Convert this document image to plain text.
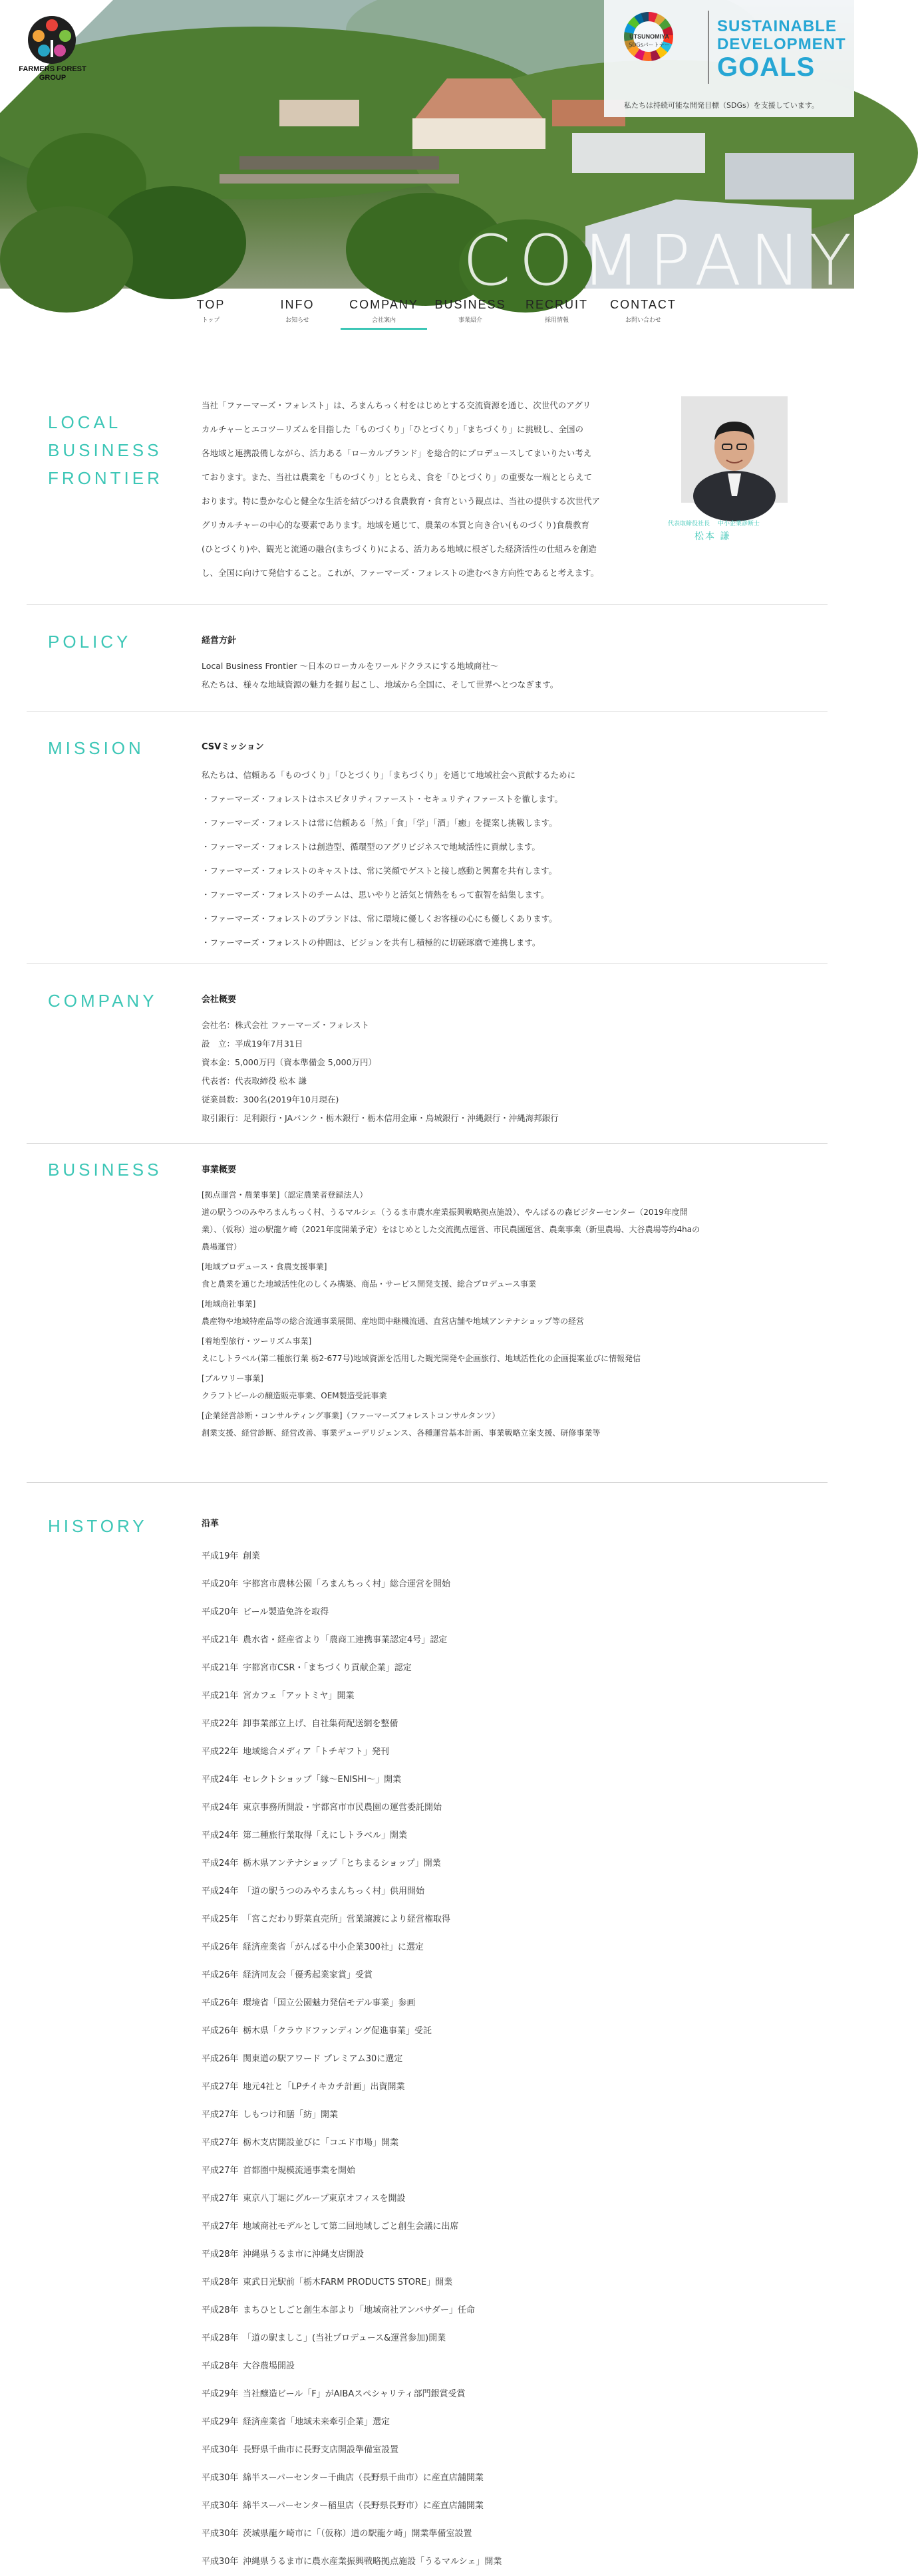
FARMERS FOREST
GROUP
UTSUNOMIYA
SDGsパートナー
SUSTAINABLE
DEVELOPMENT
GOALS
私たちは持続可能な開発目標（SDGs）を支援しています。
COMPANY
TOP
トップ
INFO
お知らせ
COMPANY
会社案内
BUSINESS
事業紹介
RECRUIT
採用情報
CONTACT
お問い合わせ
LOCAL
BUSINESS
FRONTIER
当社「ファーマーズ・フォレスト」は、ろまんちっく村をはじめとする交流資源を通じ、次世代のアグリ
カルチャーとエコツーリズムを目指した「ものづくり」「ひとづくり」「まちづくり」に挑戦し、全国の
各地域と連携設備しながら、活力ある「ローカルブランド」を総合的にプロデュースしてまいりたい考え
ております。また、当社は農業を「ものづくり」ととらえ、食を「ひとづくり」の重要な一端ととらえて
おります。特に豊かな心と健全な生活を結びつける食農教育・食育という観点は、当社の提供する次世代ア
グリカルチャーの中心的な要素であります。地域を通じて、農業の本質と向き合い(ものづくり)食農教育
(ひとづくり)や、観光と流通の融合(まちづくり)による、活力ある地域に根ざした経済活性の仕組みを創造
し、全国に向けて発信すること。これが、ファーマーズ・フォレストの進むべき方向性であると考えます。
代表取締役社長 　中小企業診断士
松本 謙
POLICY	経営方針
Local Business Frontier 〜日本のローカルをワールドクラスにする地域商社〜
私たちは、様々な地域資源の魅力を掘り起こし、地域から全国に、そして世界へとつなぎます。
MISSION	CSVミッション
私たちは、信頼ある「ものづくり」「ひとづくり」「まちづくり」を通じて地域社会へ貢献するために
・ファーマーズ・フォレストはホスピタリティファースト・セキュリティファーストを徹します。
・ファーマーズ・フォレストは常に信頼ある「然」「食」「学」「酒」「癒」を提案し挑戦します。
・ファーマーズ・フォレストは創造型、循環型のアグリビジネスで地域活性に貢献します。
・ファーマーズ・フォレストのキャストは、常に笑顔でゲストと接し感動と興奮を共有します。
・ファーマーズ・フォレストのチームは、思いやりと活気と情熱をもって叡智を結集します。
・ファーマーズ・フォレストのブランドは、常に環境に優しくお客様の心にも優しくあります。
・ファーマーズ・フォレストの仲間は、ビジョンを共有し積極的に切磋琢磨で連携します。
COMPANY	会社概要
会社名：株式会社 ファーマーズ・フォレスト
設　立：平成19年7月31日
資本金：5,000万円（資本準備金 5,000万円）
代表者：代表取締役 松本 謙
従業員数：300名(2019年10月現在)
取引銀行：足利銀行・JAバンク・栃木銀行・栃木信用金庫・烏城銀行・沖縄銀行・沖縄海邦銀行
BUSINESS	事業概要
[拠点運営・農業事業]（認定農業者登録法人）
道の駅うつのみやろまんちっく村、うるマルシェ（うるま市農水産業振興戦略拠点施設）、やんばるの森ビジターセンター（2019年度開
業）、（仮称）道の駅龍ケ崎（2021年度開業予定）をはじめとした交流拠点運営、市民農園運営、農業事業（新里農場、大谷農場等約4haの
農場運営）
[地域プロデュース・食農支援事業]
食と農業を通じた地域活性化のしくみ構築、商品・サービス開発支援、総合プロデュース事業
[地域商社事業]
農産物や地域特産品等の総合流通事業展開、産地間中継機流通、直営店舗や地域アンテナショップ等の経営
[着地型旅行・ツーリズム事業]
えにしトラベル(第二種旅行業 栃2-677号)地域資源を活用した観光開発や企画旅行、地域活性化の企画提案並びに情報発信
[ブルワリー事業]
クラフトビールの醸造販売事業、OEM製造受託事業
[企業経営診断・コンサルティング事業]（ファーマーズフォレストコンサルタンツ）
創業支援、経営診断、経営改善、事業デューデリジェンス、各種運営基本計画、事業戦略立案支援、研修事業等
HISTORY	沿革
平成19年 創業
平成20年 宇都宮市農林公園「ろまんちっく村」総合運営を開始
平成20年 ビール製造免許を取得
平成21年 農水省・経産省より「農商工連携事業認定4号」認定
平成21年 宇都宮市CSR・「まちづくり貢献企業」認定
平成21年 宮カフェ「アットミヤ」開業
平成22年 卸事業部立上げ、自社集荷配送網を整備
平成22年 地域総合メディア「トチギフト」発刊
平成24年 セレクトショップ「縁〜ENISHI〜」開業
平成24年 東京事務所開設・宇都宮市市民農園の運営委託開始
平成24年 第二種旅行業取得「えにしトラベル」開業
平成24年 栃木県アンテナショップ「とちまるショップ」開業
平成24年 「道の駅うつのみやろまんちっく村」供用開始
平成25年 「宮こだわり野菜直売所」営業譲渡により経営権取得
平成26年 経済産業省「がんばる中小企業300社」に選定
平成26年 経済同友会「優秀起業家賞」受賞
平成26年 環境省「国立公園魅力発信モデル事業」参画
平成26年 栃木県「クラウドファンディング促進事業」受託
平成26年 関東道の駅アワード プレミアム30に選定
平成27年 地元4社と「LPチイキカチ計画」出資開業
平成27年 しもつけ和膳「紡」開業
平成27年 栃木支店開設並びに「コエド市場」開業
平成27年 首都圏中規模流通事業を開始
平成27年 東京八丁堀にグループ東京オフィスを開設
平成27年 地域商社モデルとして第二回地域しごと創生会議に出席
平成28年 沖縄県うるま市に沖縄支店開設
平成28年 東武日光駅前「栃木FARM PRODUCTS STORE」開業
平成28年 まちひとしごと創生本部より「地域商社アンバサダー」任命
平成28年 「道の駅ましこ」(当社プロデュース&運営参加)開業
平成28年 大谷農場開設
平成29年 当社醸造ビール「F」がAIBAスペシャリティ部門銀賞受賞
平成29年 経済産業省「地域未来牽引企業」選定
平成30年 長野県千曲市に長野支店開設準備室設置
平成30年 綿半スーパーセンター千曲店（長野県千曲市）に産直店舗開業
平成30年 綿半スーパーセンター稲里店（長野県長野市）に産直店舗開業
平成30年 茨城県龍ケ崎市に「（仮称）道の駅龍ケ崎」開業準備室設置
平成30年 沖縄県うるま市に農水産業振興戦略拠点施設「うるマルシェ」開業
